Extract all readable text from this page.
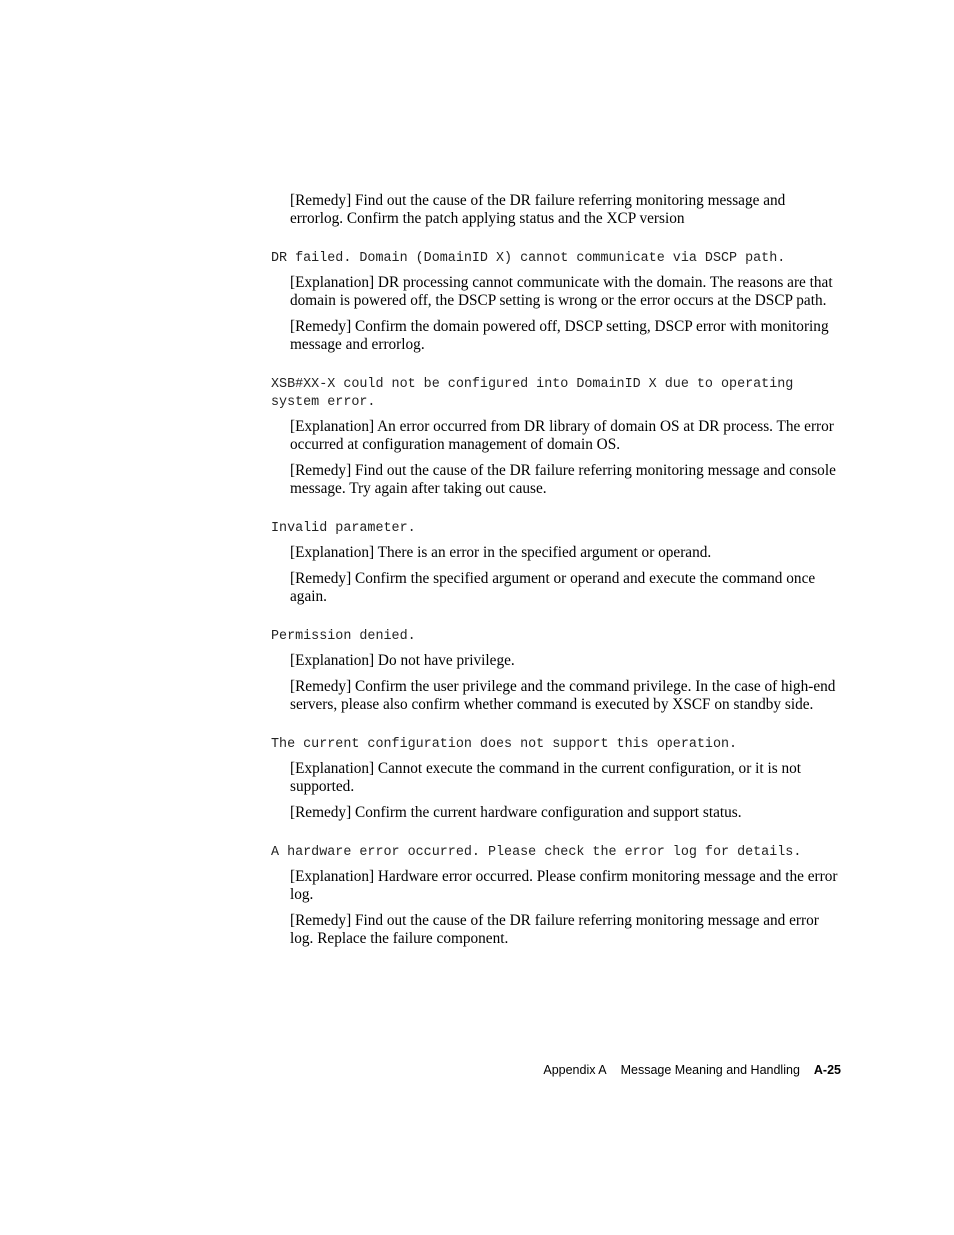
[Remedy] Find out the cause of the DR failure referring monitoring message and errorlog. Confirm the patch applying status and the XCP version

DR failed. Domain (DomainID X) cannot communicate via DSCP path.

[Explanation] DR processing cannot communicate with the domain. The reasons are that domain is powered off, the DSCP setting is wrong or the error occurs at the DSCP path.

[Remedy] Confirm the domain powered off, DSCP setting, DSCP error with monitoring message and errorlog.

XSB#XX-X could not be configured into DomainID X due to operating system error.

[Explanation] An error occurred from DR library of domain OS at DR process. The error occurred at configuration management of domain OS.

[Remedy] Find out the cause of the DR failure referring monitoring message and console message. Try again after taking out cause.

Invalid parameter.

[Explanation] There is an error in the specified argument or operand.

[Remedy] Confirm the specified argument or operand and execute the command once again.

Permission denied.

[Explanation] Do not have privilege.

[Remedy] Confirm the user privilege and the command privilege. In the case of high-end servers, please also confirm whether command is executed by XSCF on standby side.

The current configuration does not support this operation.

[Explanation] Cannot execute the command in the current configuration, or it is not supported.

[Remedy] Confirm the current hardware configuration and support status.

A hardware error occurred. Please check the error log for details.

[Explanation] Hardware error occurred. Please confirm monitoring message and the error log.

[Remedy] Find out the cause of the DR failure referring monitoring message and error log. Replace the failure component.

Appendix A Message Meaning and Handling A-25
